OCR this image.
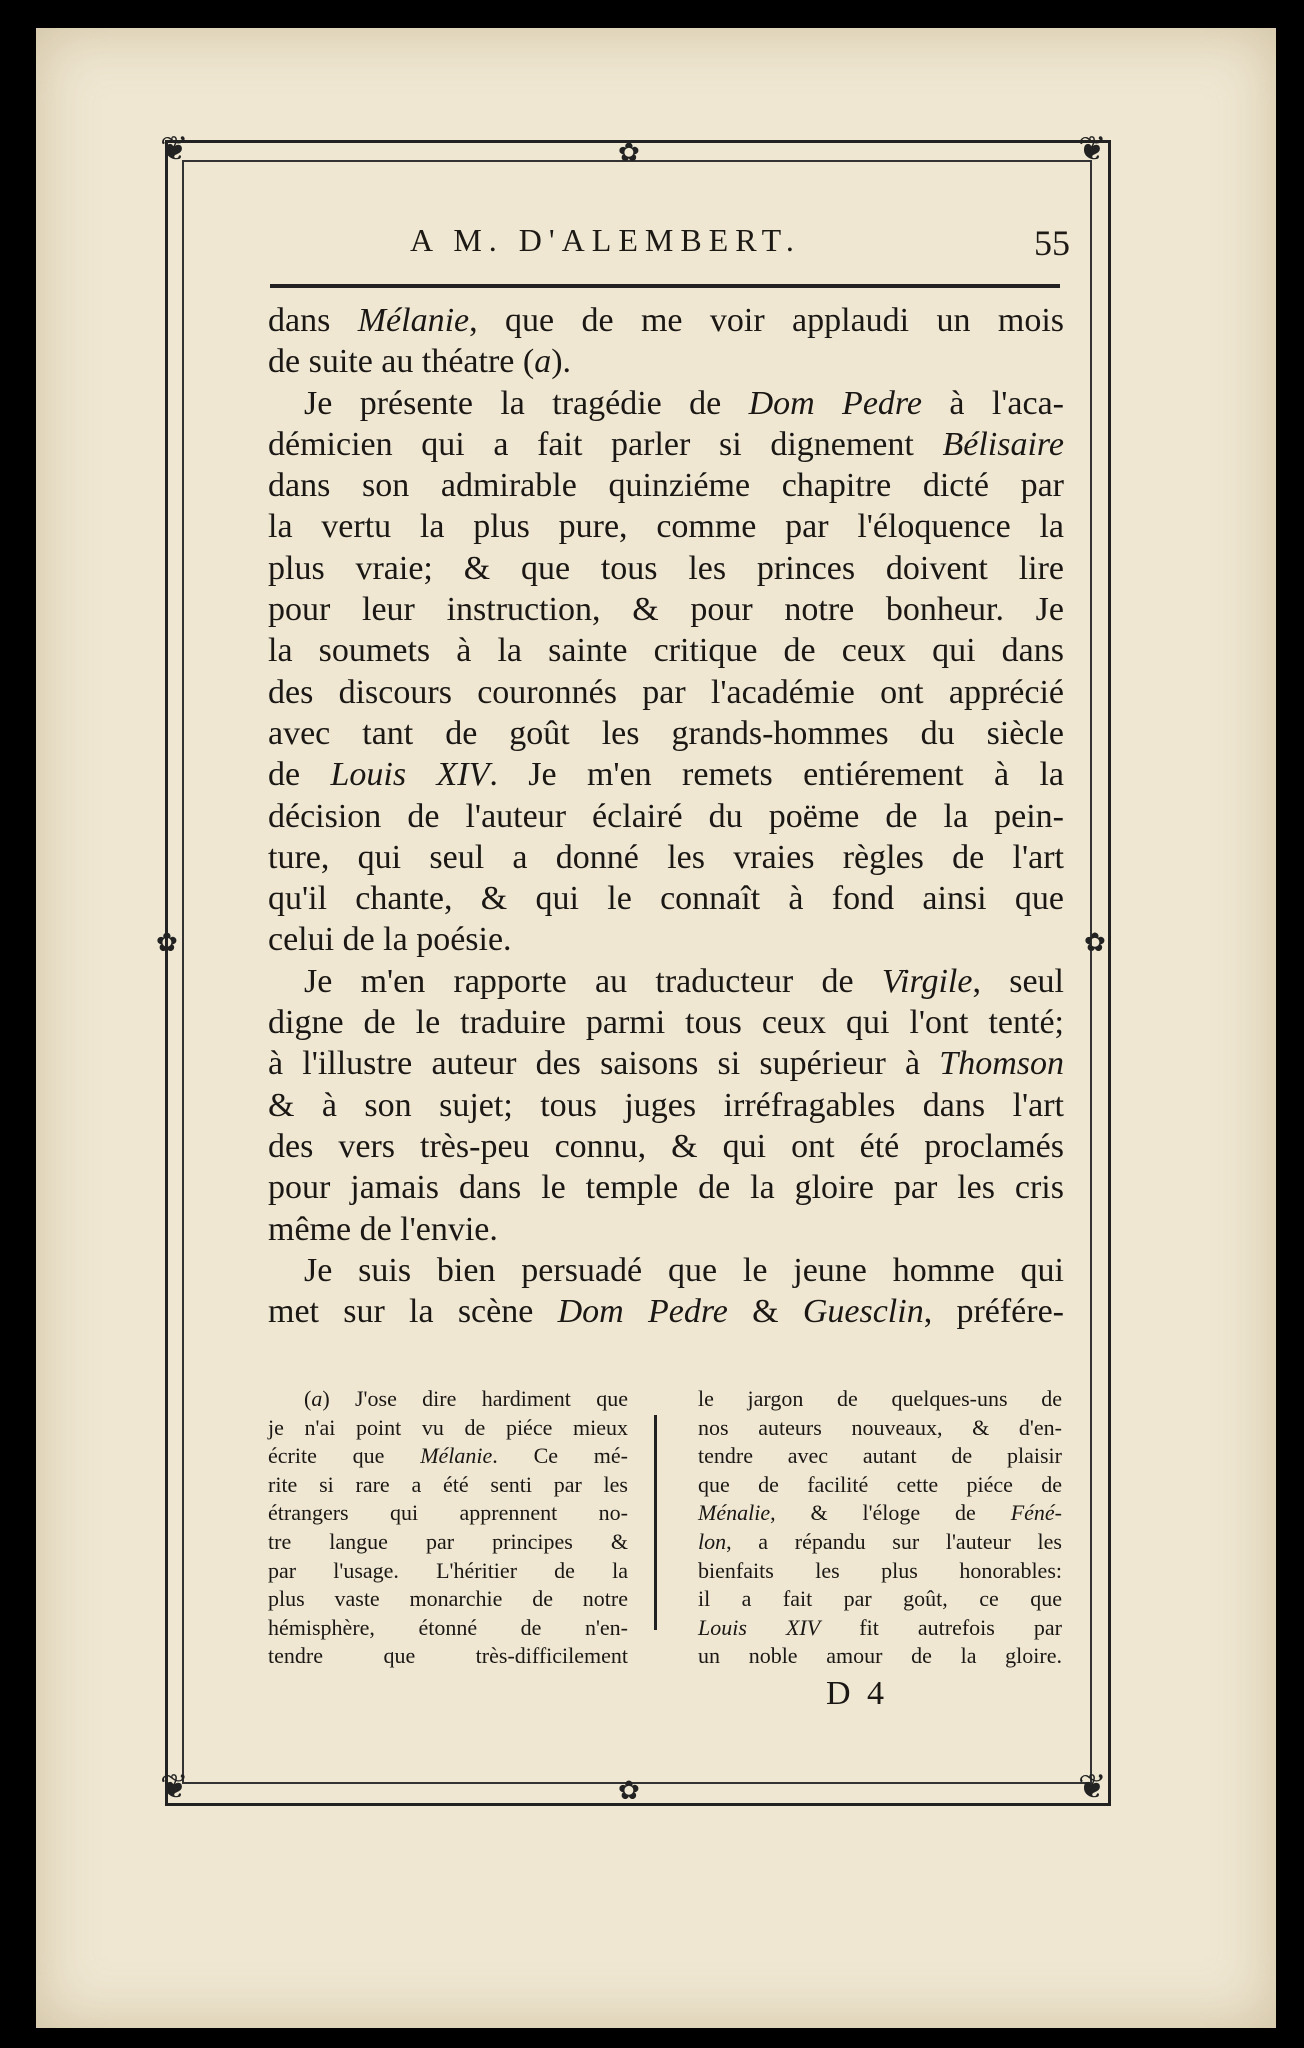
❦	❦
❦	❦
✿
✿
✿	✿
A M. D'ALEMBERT.	55
dans Mélanie, que de me voir applaudi un mois
de suite au théatre (a).
Je présente la tragédie de Dom Pedre à l'aca-
démicien qui a fait parler si dignement Bélisaire
dans son admirable quinziéme chapitre dicté par
la vertu la plus pure, comme par l'éloquence la
plus vraie; & que tous les princes doivent lire
pour leur instruction, & pour notre bonheur. Je
la soumets à la sainte critique de ceux qui dans
des discours couronnés par l'académie ont apprécié
avec tant de goût les grands-hommes du siècle
de Louis XIV. Je m'en remets entiérement à la
décision de l'auteur éclairé du poëme de la pein-
ture, qui seul a donné les vraies règles de l'art
qu'il chante, & qui le connaît à fond ainsi que
celui de la poésie.
Je m'en rapporte au traducteur de Virgile, seul
digne de le traduire parmi tous ceux qui l'ont tenté;
à l'illustre auteur des saisons si supérieur à Thomson
& à son sujet; tous juges irréfragables dans l'art
des vers très-peu connu, & qui ont été proclamés
pour jamais dans le temple de la gloire par les cris
même de l'envie.
Je suis bien persuadé que le jeune homme qui
met sur la scène Dom Pedre & Guesclin, préfére-
(a) J'ose dire hardiment que
je n'ai point vu de piéce mieux
écrite que Mélanie. Ce mé-
rite si rare a été senti par les
étrangers qui apprennent no-
tre langue par principes &
par l'usage. L'héritier de la
plus vaste monarchie de notre
hémisphère, étonné de n'en-
tendre que très-difficilement
le jargon de quelques-uns de
nos auteurs nouveaux, & d'en-
tendre avec autant de plaisir
que de facilité cette piéce de
Ménalie, & l'éloge de Féné-
lon, a répandu sur l'auteur les
bienfaits les plus honorables:
il a fait par goût, ce que
Louis XIV fit autrefois par
un noble amour de la gloire.
D 4
